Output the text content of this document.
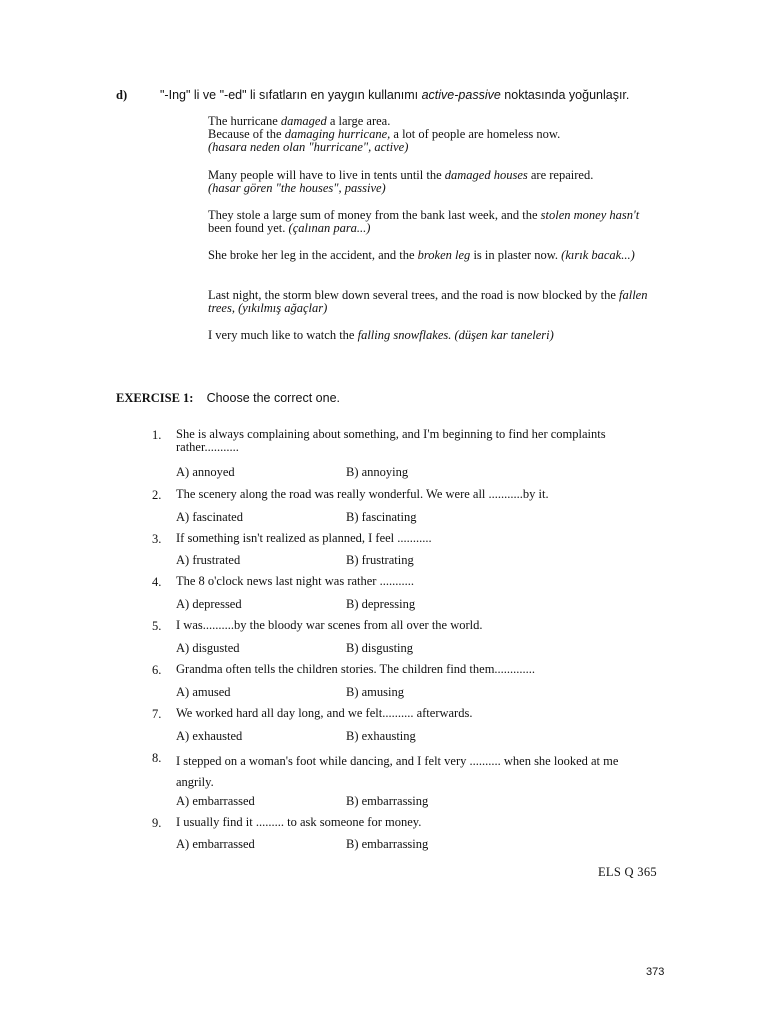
d)	"-Ing" li ve "-ed" li sıfatların en yaygın kullanımı active-passive noktasında yoğunlaşır.
The hurricane damaged a large area.
Because of the damaging hurricane, a lot of people are homeless now.
(hasara neden olan "hurricane", active)
Many people will have to live in tents until the damaged houses are repaired.
(hasar gören "the houses", passive)
They stole a large sum of money from the bank last week, and the stolen money hasn't been found yet. (çalınan para...)
She broke her leg in the accident, and the broken leg is in plaster now. (kırık bacak...)
Last night, the storm blew down several trees, and the road is now blocked by the fallen trees, (yıkılmış ağaçlar)
I very much like to watch the falling snowflakes. (düşen kar taneleri)
EXERCISE 1: Choose the correct one.
1. She is always complaining about something, and I'm beginning to find her complaints rather...........
A) annoyed	B) annoying
2. The scenery along the road was really wonderful. We were all ...........by it.
A) fascinated	B) fascinating
3. If something isn't realized as planned, I feel ...........
A) frustrated	B) frustrating
4. The 8 o'clock news last night was rather ...........
A) depressed	B) depressing
5. I was..........by the bloody war scenes from all over the world.
A) disgusted	B) disgusting
6. Grandma often tells the children stories. The children find them.............
A) amused	B) amusing
7. We worked hard all day long, and we felt.......... afterwards.
A) exhausted	B) exhausting
8. I stepped on a woman's foot while dancing, and I felt very .......... when she looked at me angrily.
A) embarrassed	B) embarrassing
9. I usually find it ......... to ask someone for money.
A) embarrassed	B) embarrassing
ELS Q 365
373
